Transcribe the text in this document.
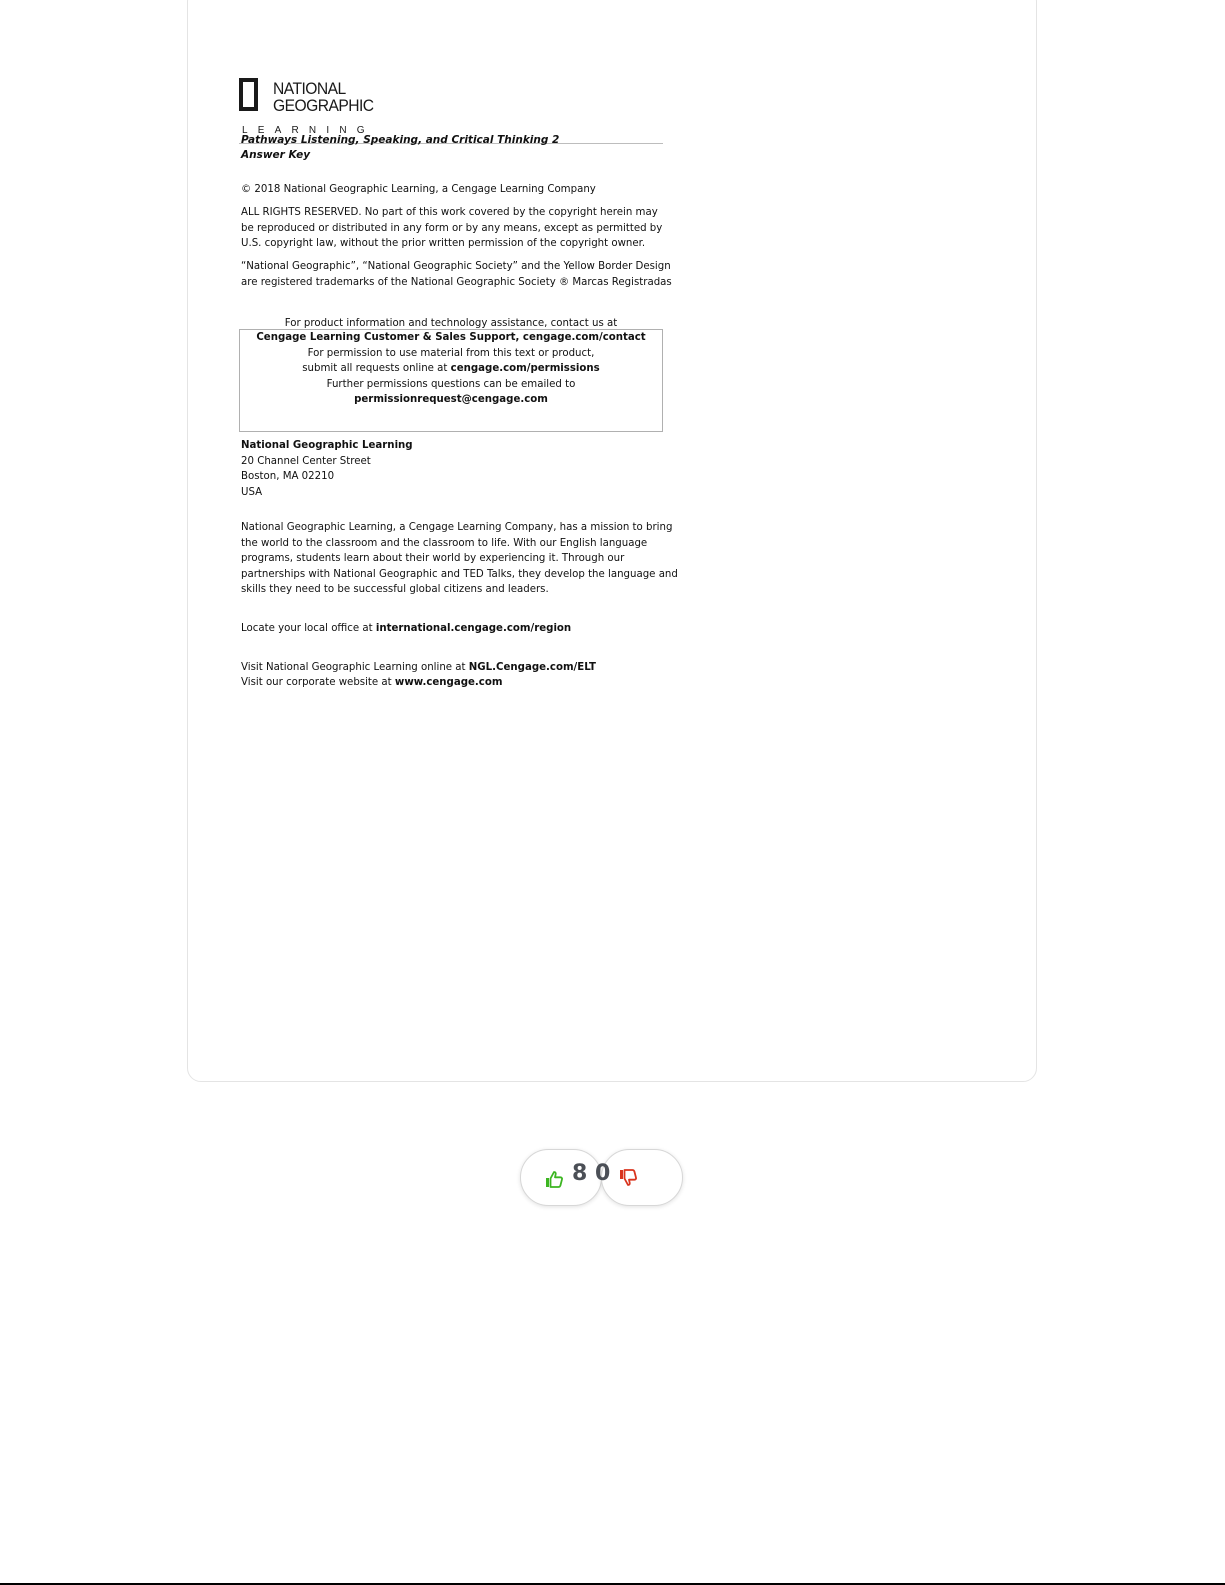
NATIONAL
GEOGRAPHIC
LEARNING
Pathways Listening, Speaking, and Critical Thinking 2
Answer Key

© 2018 National Geographic Learning, a Cengage Learning Company

ALL RIGHTS RESERVED. No part of this work covered by the copyright herein may be reproduced or distributed in any form or by any means, except as permitted by U.S. copyright law, without the prior written permission of the copyright owner.

“National Geographic”, “National Geographic Society” and the Yellow Border Design are registered trademarks of the National Geographic Society ® Marcas Registradas

For product information and technology assistance, contact us at
Cengage Learning Customer & Sales Support, cengage.com/contact
For permission to use material from this text or product,
submit all requests online at cengage.com/permissions
Further permissions questions can be emailed to
permissionrequest@cengage.com
National Geographic Learning
20 Channel Center Street
Boston, MA 02210
USA

National Geographic Learning, a Cengage Learning Company, has a mission to bring the world to the classroom and the classroom to life. With our English language programs, students learn about their world by experiencing it. Through our partnerships with National Geographic and TED Talks, they develop the language and skills they need to be successful global citizens and leaders.

Locate your local office at international.cengage.com/region

Visit National Geographic Learning online at NGL.Cengage.com/ELT

Visit our corporate website at www.cengage.com

8 0
